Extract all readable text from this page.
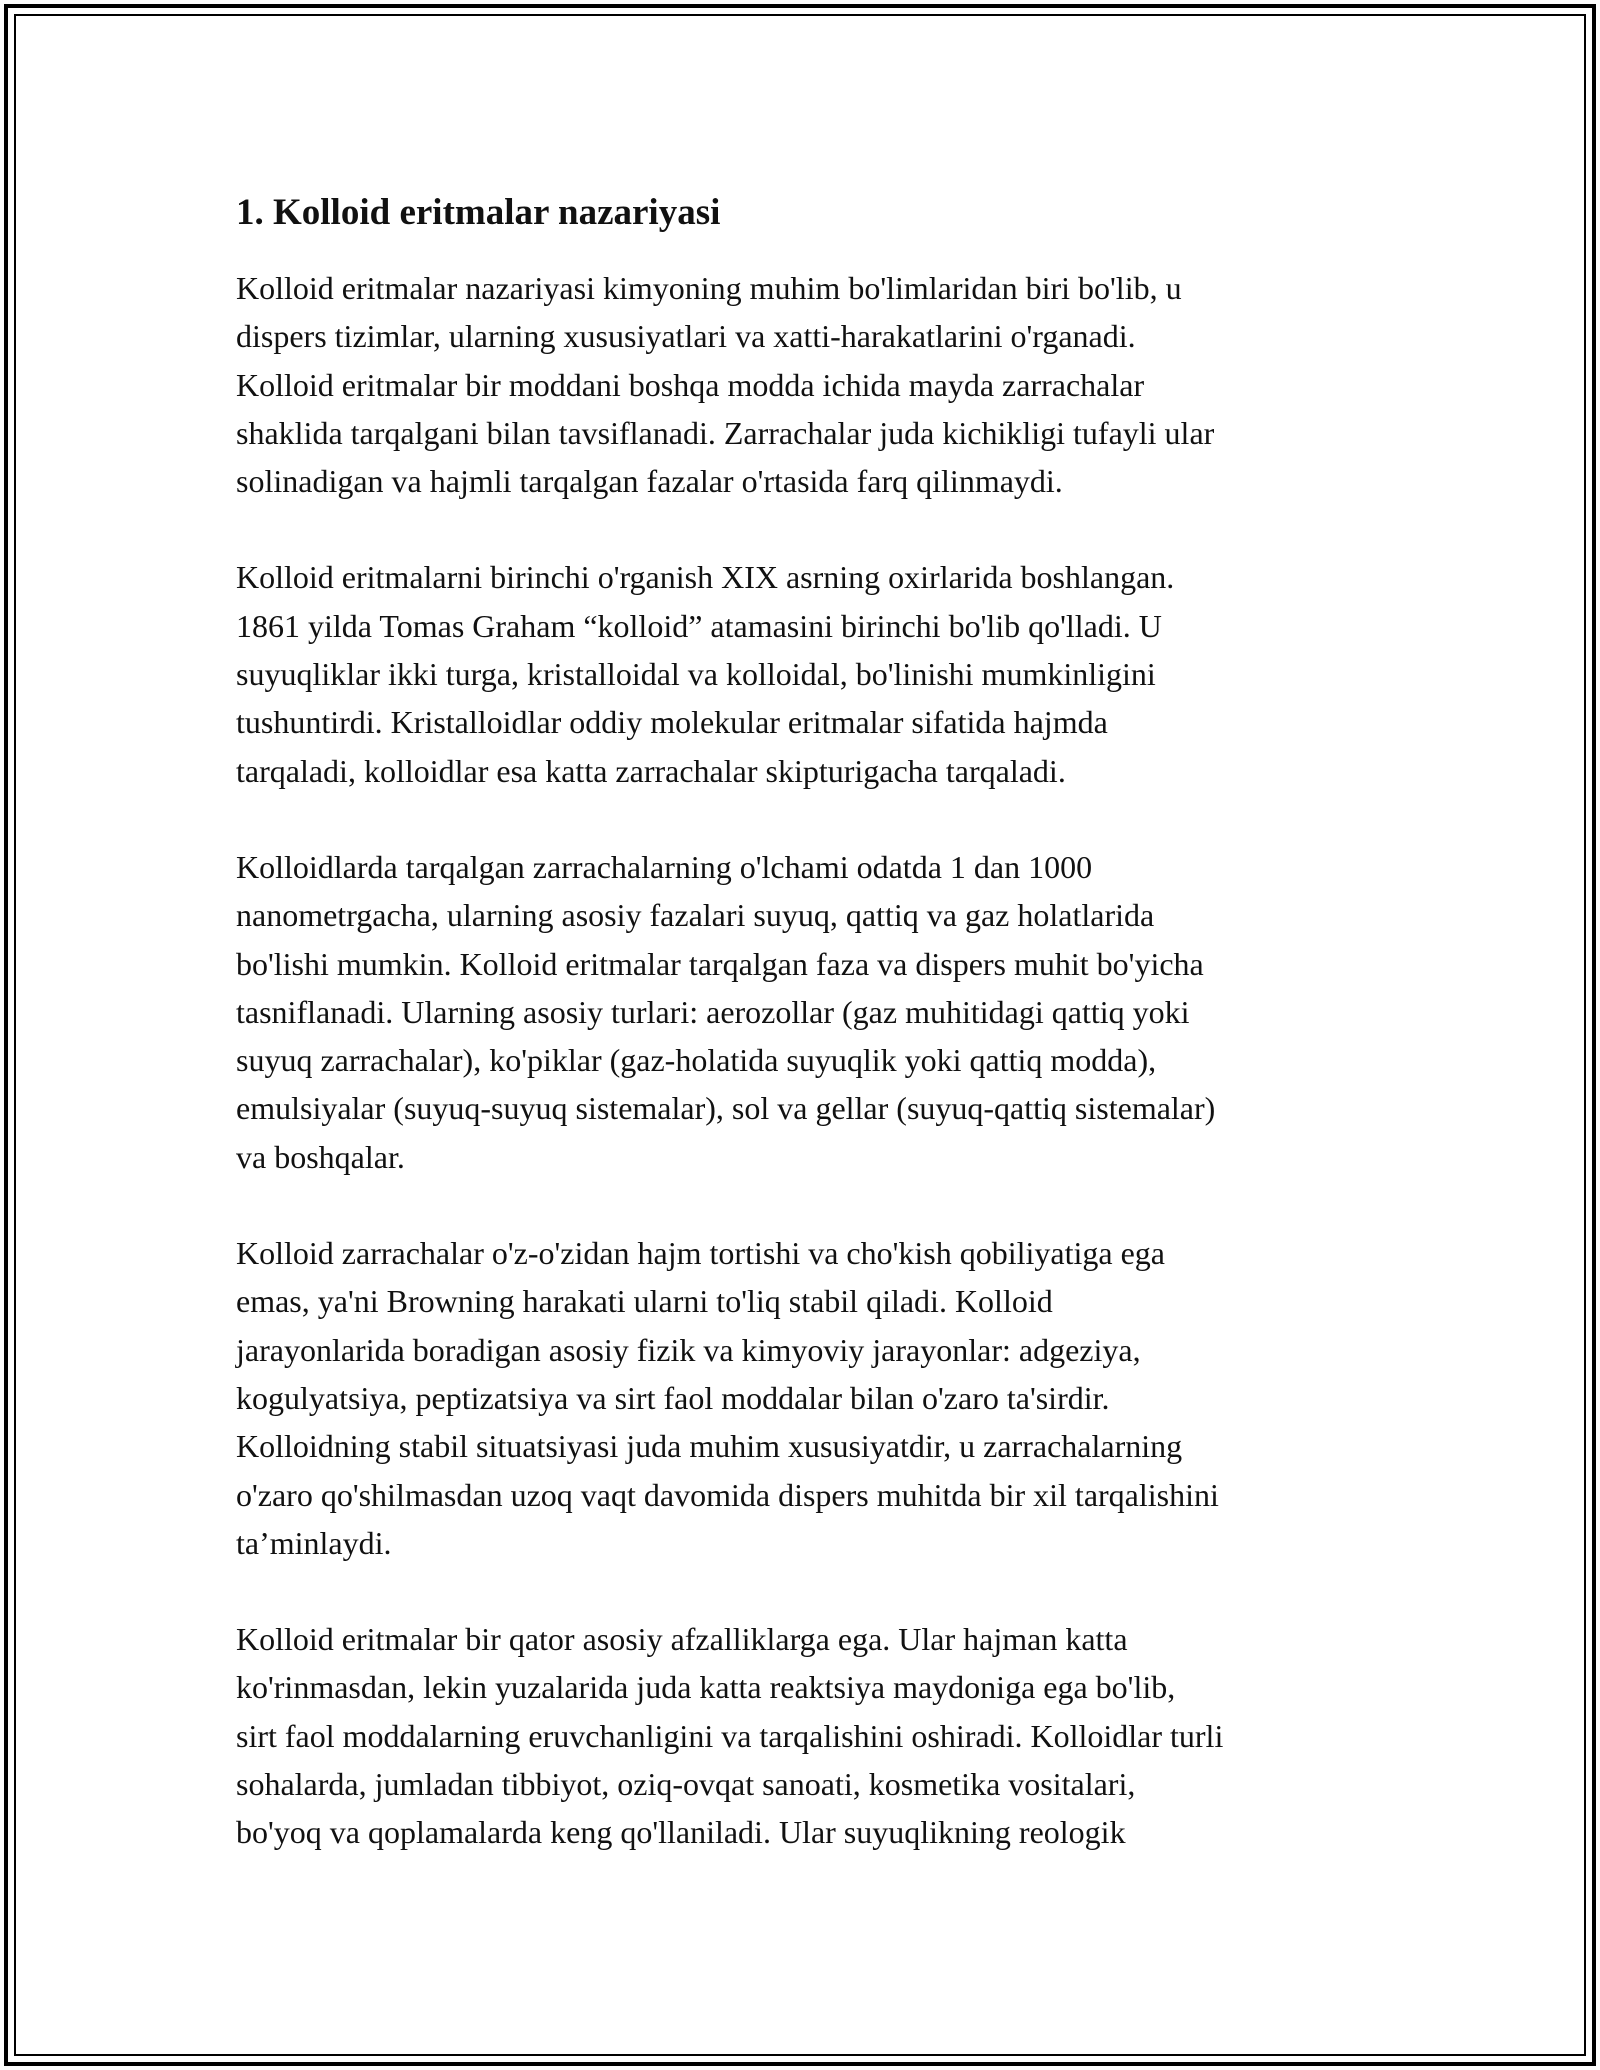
1. Kolloid eritmalar nazariyasi

Kolloid eritmalar nazariyasi kimyoning muhim bo'limlaridan biri bo'lib, u
dispers tizimlar, ularning xususiyatlari va xatti-harakatlarini o'rganadi.
Kolloid eritmalar bir moddani boshqa modda ichida mayda zarrachalar
shaklida tarqalgani bilan tavsiflanadi. Zarrachalar juda kichikligi tufayli ular
solinadigan va hajmli tarqalgan fazalar o'rtasida farq qilinmaydi.

Kolloid eritmalarni birinchi o'rganish XIX asrning oxirlarida boshlangan.
1861 yilda Tomas Graham “kolloid” atamasini birinchi bo'lib qo'lladi. U
suyuqliklar ikki turga, kristalloidal va kolloidal, bo'linishi mumkinligini
tushuntirdi. Kristalloidlar oddiy molekular eritmalar sifatida hajmda
tarqaladi, kolloidlar esa katta zarrachalar skipturigacha tarqaladi.

Kolloidlarda tarqalgan zarrachalarning o'lchami odatda 1 dan 1000
nanometrgacha, ularning asosiy fazalari suyuq, qattiq va gaz holatlarida
bo'lishi mumkin. Kolloid eritmalar tarqalgan faza va dispers muhit bo'yicha
tasniflanadi. Ularning asosiy turlari: aerozollar (gaz muhitidagi qattiq yoki
suyuq zarrachalar), ko'piklar (gaz-holatida suyuqlik yoki qattiq modda),
emulsiyalar (suyuq-suyuq sistemalar), sol va gellar (suyuq-qattiq sistemalar)
va boshqalar.

Kolloid zarrachalar o'z-o'zidan hajm tortishi va cho'kish qobiliyatiga ega
emas, ya'ni Browning harakati ularni to'liq stabil qiladi. Kolloid
jarayonlarida boradigan asosiy fizik va kimyoviy jarayonlar: adgeziya,
kogulyatsiya, peptizatsiya va sirt faol moddalar bilan o'zaro ta'sirdir.
Kolloidning stabil situatsiyasi juda muhim xususiyatdir, u zarrachalarning
o'zaro qo'shilmasdan uzoq vaqt davomida dispers muhitda bir xil tarqalishini
ta’minlaydi.

Kolloid eritmalar bir qator asosiy afzalliklarga ega. Ular hajman katta
ko'rinmasdan, lekin yuzalarida juda katta reaktsiya maydoniga ega bo'lib,
sirt faol moddalarning eruvchanligini va tarqalishini oshiradi. Kolloidlar turli
sohalarda, jumladan tibbiyot, oziq-ovqat sanoati, kosmetika vositalari,
bo'yoq va qoplamalarda keng qo'llaniladi. Ular suyuqlikning reologik
